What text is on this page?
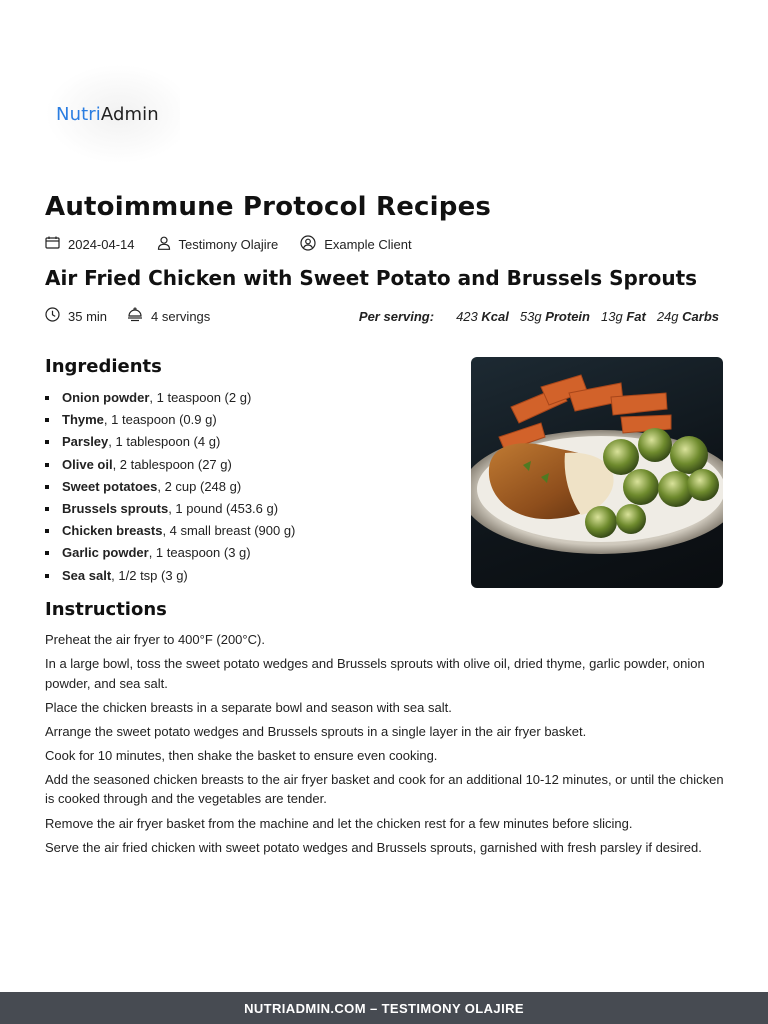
NutriAdmin
Autoimmune Protocol Recipes
2024-04-14	Testimony Olajire	Example Client
Air Fried Chicken with Sweet Potato and Brussels Sprouts
35 min	4 servings	Per serving: 423 Kcal 53g Protein 13g Fat 24g Carbs
Ingredients
Onion powder, 1 teaspoon (2 g)
Thyme, 1 teaspoon (0.9 g)
Parsley, 1 tablespoon (4 g)
Olive oil, 2 tablespoon (27 g)
Sweet potatoes, 2 cup (248 g)
Brussels sprouts, 1 pound (453.6 g)
Chicken breasts, 4 small breast (900 g)
Garlic powder, 1 teaspoon (3 g)
Sea salt, 1/2 tsp (3 g)
Instructions
Preheat the air fryer to 400°F (200°C).
In a large bowl, toss the sweet potato wedges and Brussels sprouts with olive oil, dried thyme, garlic powder, onion powder, and sea salt.
Place the chicken breasts in a separate bowl and season with sea salt.
Arrange the sweet potato wedges and Brussels sprouts in a single layer in the air fryer basket.
Cook for 10 minutes, then shake the basket to ensure even cooking.
Add the seasoned chicken breasts to the air fryer basket and cook for an additional 10-12 minutes, or until the chicken is cooked through and the vegetables are tender.
Remove the air fryer basket from the machine and let the chicken rest for a few minutes before slicing.
Serve the air fried chicken with sweet potato wedges and Brussels sprouts, garnished with fresh parsley if desired.
NUTRIADMIN.COM – TESTIMONY OLAJIRE
